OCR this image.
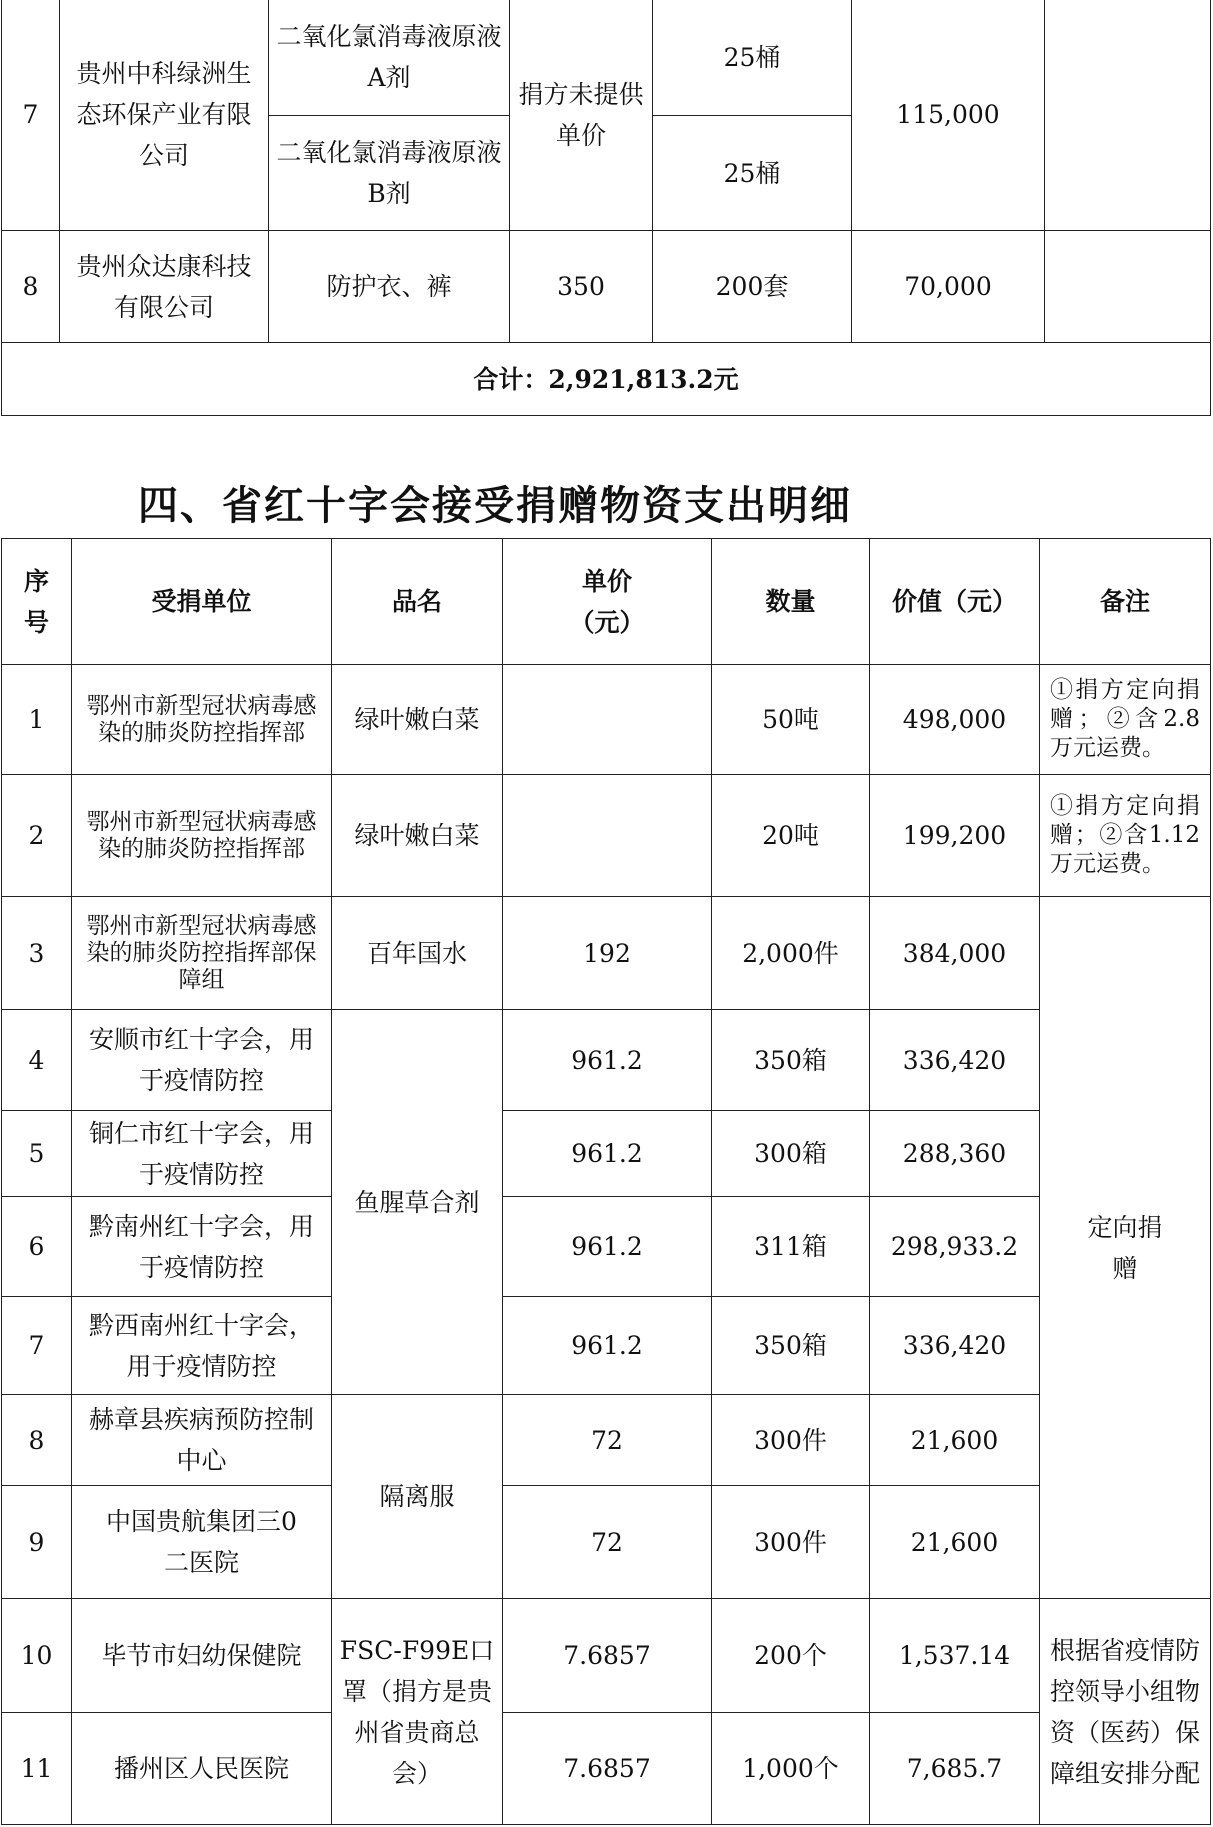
7	贵州中科绿洲生态环保产业有限公司	二氧化氯消毒液原液A剂	捐方未提供单价	25桶	115,000	
		二氧化氯消毒液原液B剂		25桶		
8	贵州众达康科技有限公司	防护衣、裤	350	200套	70,000	
合计：2,921,813.2元						
四、省红十字会接受捐赠物资支出明细
序号	受捐单位	品名	单价（元）	数量	价值（元）	备注
1	鄂州市新型冠状病毒感染的肺炎防控指挥部	绿叶嫩白菜		50吨	498,000	①捐方定向捐赠；②含2.8万元运费。
2	鄂州市新型冠状病毒感染的肺炎防控指挥部	绿叶嫩白菜		20吨	199,200	①捐方定向捐赠；②含1.12万元运费。
3	鄂州市新型冠状病毒感染的肺炎防控指挥部保障组	百年国水	192	2,000件	384,000	定向捐赠
4	安顺市红十字会，用于疫情防控	鱼腥草合剂	961.2	350箱	336,420	
5	铜仁市红十字会，用于疫情防控		961.2	300箱	288,360	
6	黔南州红十字会，用于疫情防控		961.2	311箱	298,933.2	
7	黔西南州红十字会，用于疫情防控		961.2	350箱	336,420	
8	赫章县疾病预防控制中心	隔离服	72	300件	21,600	
9	中国贵航集团三0二医院		72	300件	21,600	
10	毕节市妇幼保健院	FSC-F99E口罩（捐方是贵州省贵商总会）	7.6857	200个	1,537.14	根据省疫情防控领导小组物资（医药）保障组安排分配
11	播州区人民医院		7.6857	1,000个	7,685.7	
